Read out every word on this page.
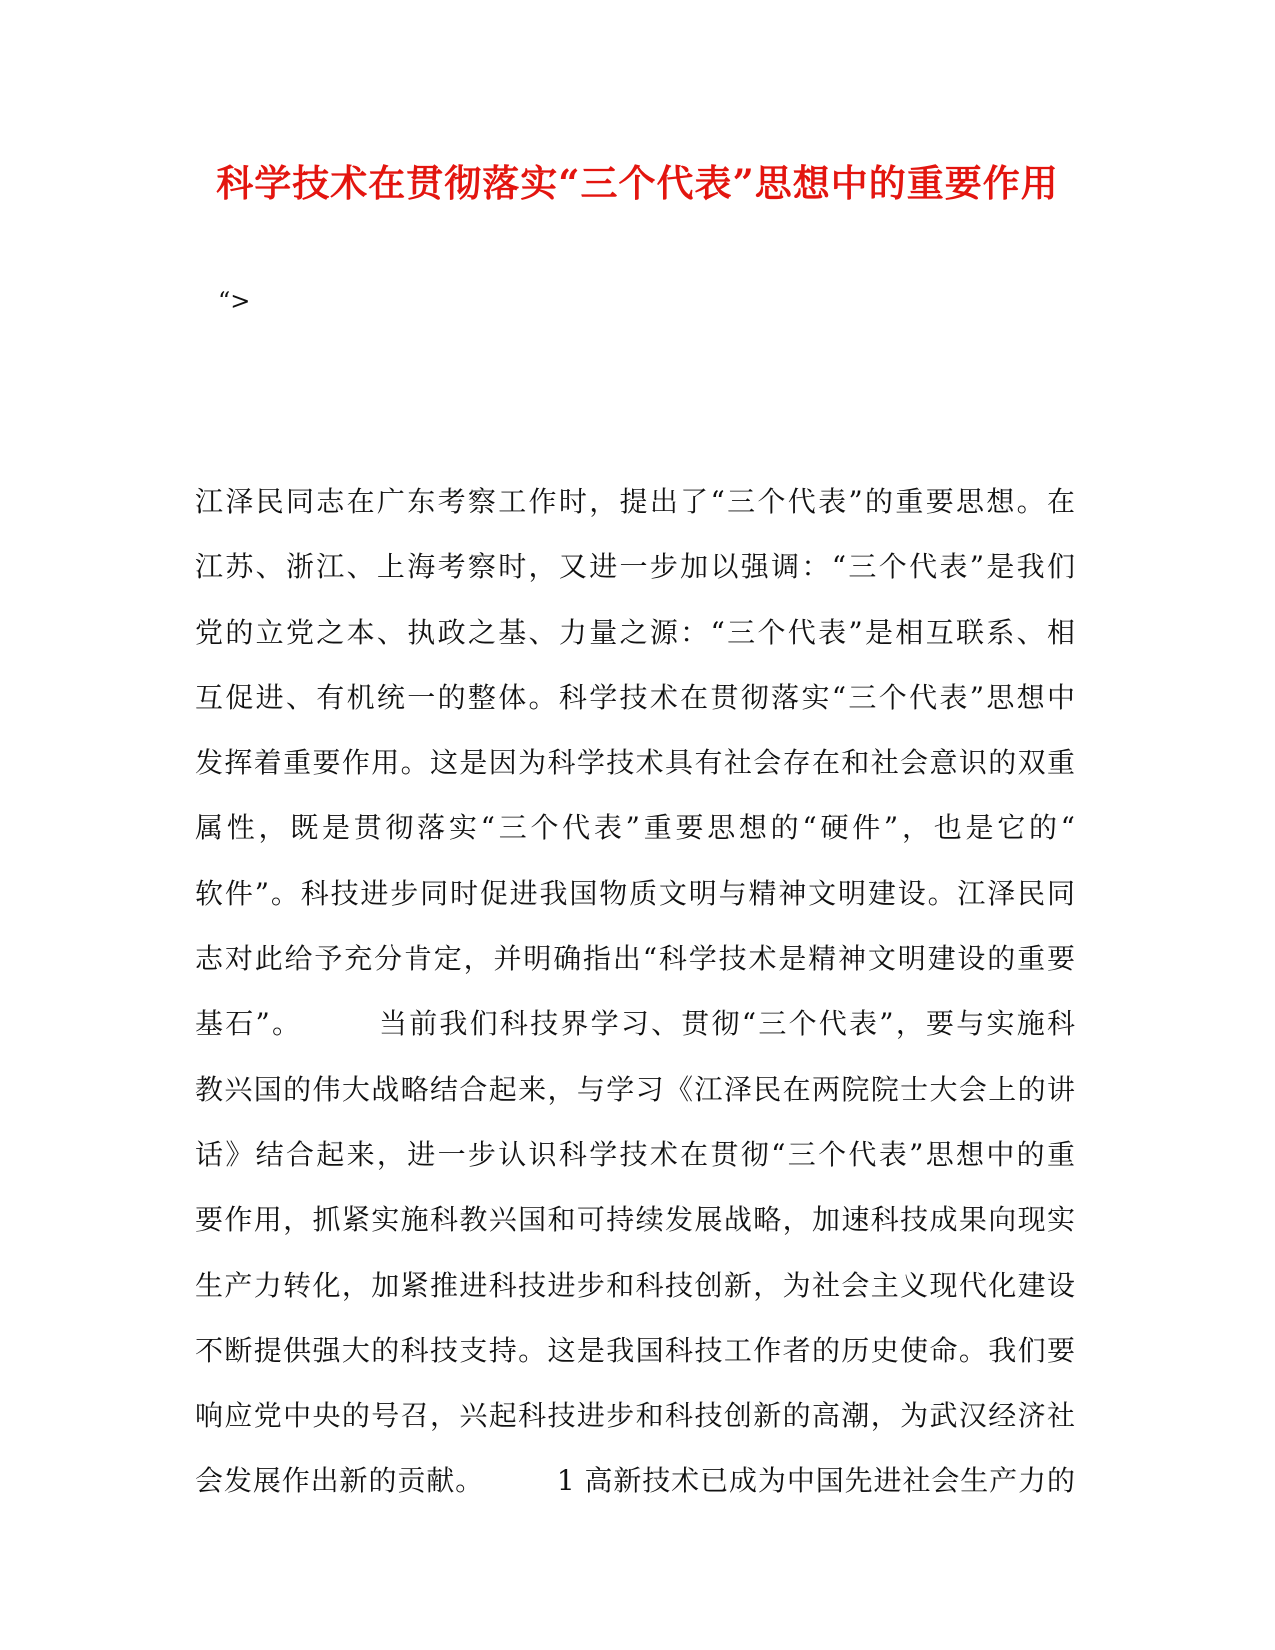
科学技术在贯彻落实“三个代表”思想中的重要作用

“>

江泽民同志在广东考察工作时，提出了“三个代表”的重要思想。在
江苏、浙江、上海考察时，又进一步加以强调：“三个代表”是我们
党的立党之本、执政之基、力量之源：“三个代表”是相互联系、相
互促进、有机统一的整体。科学技术在贯彻落实“三个代表”思想中
发挥着重要作用。这是因为科学技术具有社会存在和社会意识的双重
属性，既是贯彻落实“三个代表”重要思想的“硬件”，也是它的“
软件”。科技进步同时促进我国物质文明与精神文明建设。江泽民同
志对此给予充分肯定，并明确指出“科学技术是精神文明建设的重要
基石”。　　　当前我们科技界学习、贯彻“三个代表”，要与实施科
教兴国的伟大战略结合起来，与学习《江泽民在两院院士大会上的讲
话》结合起来，进一步认识科学技术在贯彻“三个代表”思想中的重
要作用，抓紧实施科教兴国和可持续发展战略，加速科技成果向现实
生产力转化，加紧推进科技进步和科技创新，为社会主义现代化建设
不断提供强大的科技支持。这是我国科技工作者的历史使命。我们要
响应党中央的号召，兴起科技进步和科技创新的高潮，为武汉经济社
会发展作出新的贡献。　　　1 高新技术已成为中国先进社会生产力的
